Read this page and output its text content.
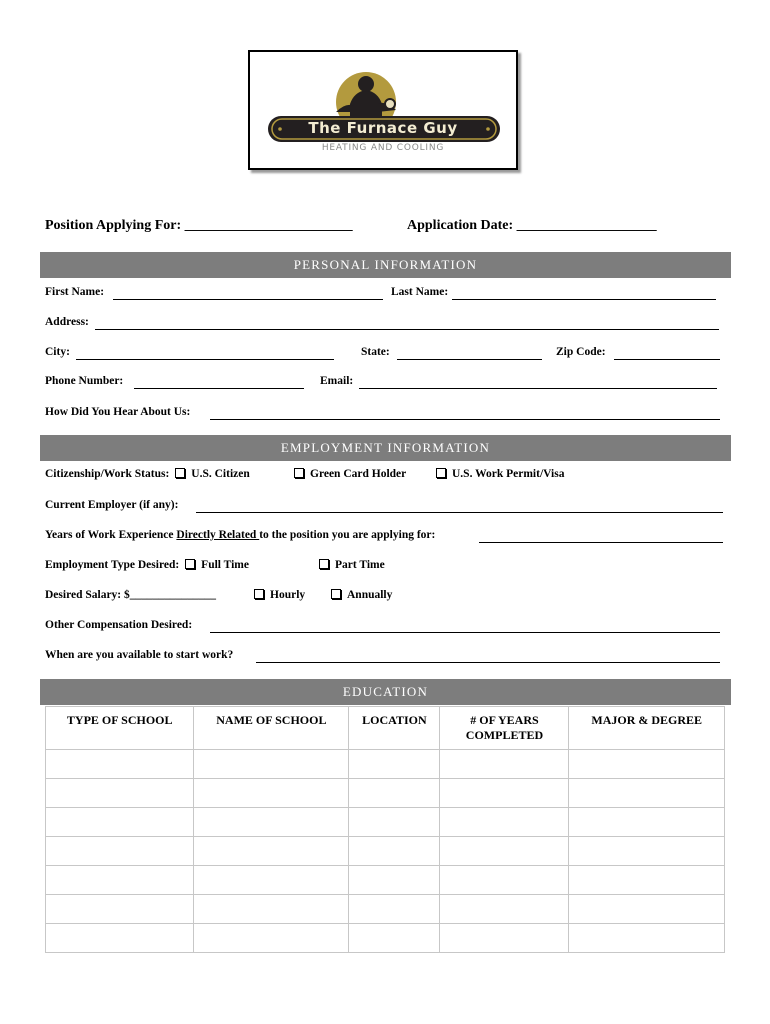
The Furnace Guy
HEATING AND COOLING
Position Applying For: ________________________	Application Date: ____________________
PERSONAL INFORMATION
First Name:	Last Name:
Address:
City:	State:	Zip Code:
Phone Number:	Email:
How Did You Hear About Us:
EMPLOYMENT INFORMATION
Citizenship/Work Status: U.S. Citizen	Green Card Holder	U.S. Work Permit/Visa
Current Employer (if any):
Years of Work Experience Directly Related to the position you are applying for:
Employment Type Desired: Full Time	Part Time
Desired Salary: $_______________	Hourly	Annually
Other Compensation Desired:
When are you available to start work?
EDUCATION
TYPE OF SCHOOL	NAME OF SCHOOL	LOCATION	# OF YEARS COMPLETED	MAJOR & DEGREE
